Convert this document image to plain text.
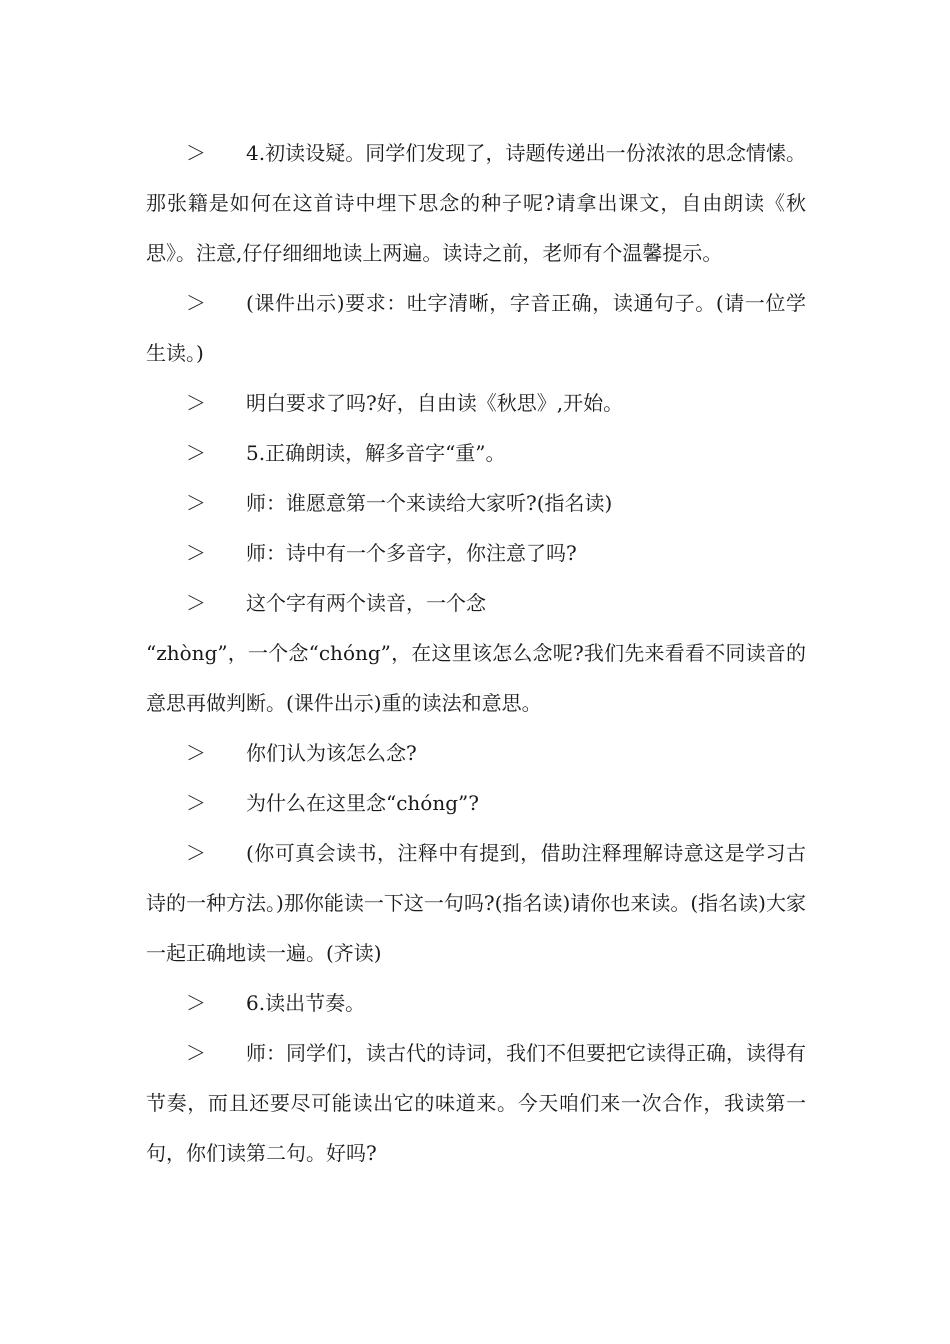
＞ 4.初读设疑。同学们发现了，诗题传递出一份浓浓的思念情愫。那张籍是如何在这首诗中埋下思念的种子呢?请拿出课文，自由朗读《秋思》。注意,仔仔细细地读上两遍。读诗之前，老师有个温馨提示。

＞ (课件出示)要求：吐字清晰，字音正确，读通句子。(请一位学生读。)

＞ 明白要求了吗?好，自由读《秋思》,开始。

＞ 5.正确朗读，解多音字“重”。

＞ 师：谁愿意第一个来读给大家听?(指名读)

＞ 师：诗中有一个多音字，你注意了吗?

＞ 这个字有两个读音，一个念

“zhòng”，一个念“chóng”，在这里该怎么念呢?我们先来看看不同读音的意思再做判断。(课件出示)重的读法和意思。

＞ 你们认为该怎么念?

＞ 为什么在这里念“chóng”?

＞ (你可真会读书，注释中有提到，借助注释理解诗意这是学习古诗的一种方法。)那你能读一下这一句吗?(指名读)请你也来读。(指名读)大家一起正确地读一遍。(齐读)

＞ 6.读出节奏。

＞ 师：同学们，读古代的诗词，我们不但要把它读得正确，读得有节奏，而且还要尽可能读出它的味道来。今天咱们来一次合作，我读第一句，你们读第二句。好吗?
